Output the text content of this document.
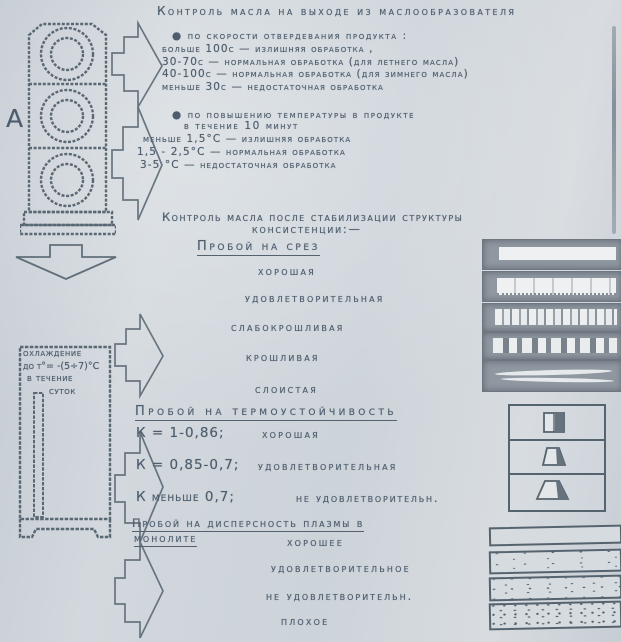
А
охлаждение
до t°= -(5÷7)°С
в течение
суток
Контроль масла на выходе из маслообразователя
● по скорости отвердевания продукта :
больше 100с — излишняя обработка ,
30-70с — нормальная обработка (для летнего масла)
40-100с — нормальная обработка (для зимнего масла)
меньше 30с — недостаточная обработка
● по повышению температуры в продукте
в течение 10 минут
меньше 1,5°С — излишняя обработка
1,5 - 2,5°С — нормальная обработка
3-5 °С — недостаточная обработка
Контроль масла после стабилизации структуры
консистенции:—
Пробой на срез
хорошая
удовлетворительная
слабокрошливая
крошливая
слоистая
Пробой на термоустойчивость
К = 1-0,86;	хорошая
К = 0,85-0,7; удовлетворительная
К меньше 0,7;	не удовлетворительн.
Пробой на дисперсность плазмы в
монолите	хорошее
удовлетворительное
не удовлетворительн.
плохое
